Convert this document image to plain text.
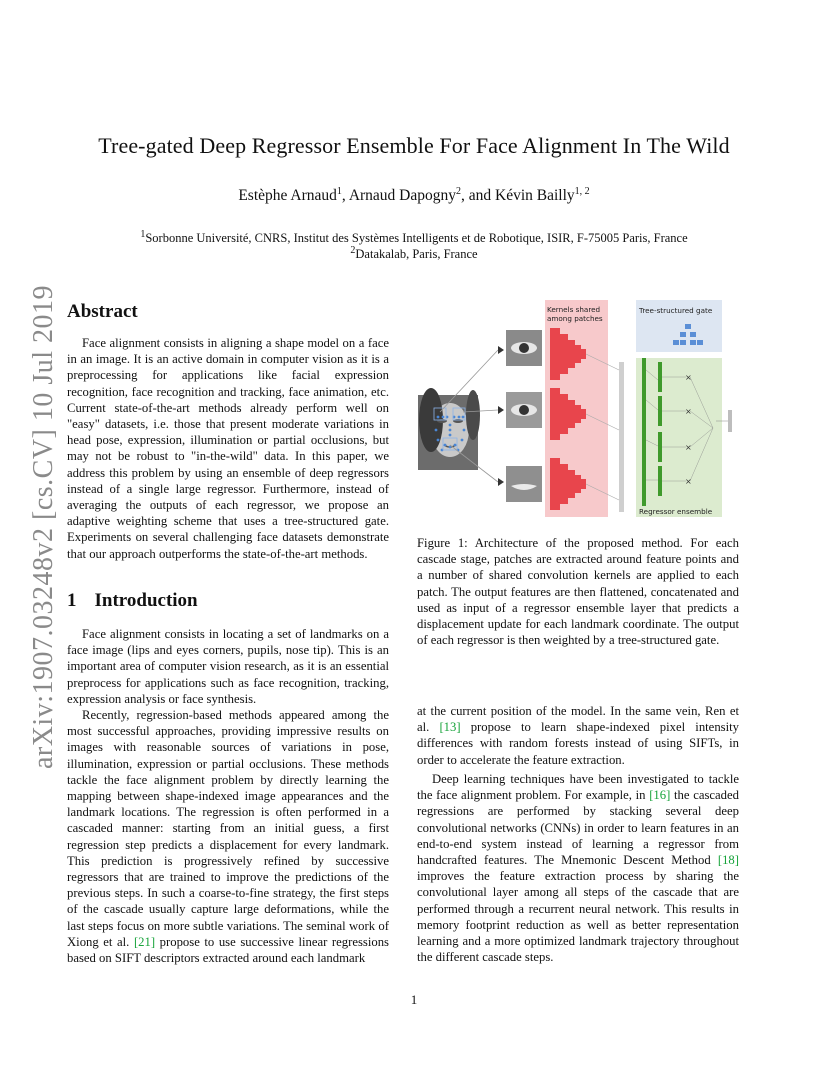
Tree-gated Deep Regressor Ensemble For Face Alignment In The Wild
Estèphe Arnaud$^1$, Arnaud Dapogny$^2$, and Kévin Bailly$^{1, 2}$
$^1$Sorbonne Université, CNRS, Institut des Systèmes Intelligents et de Robotique, ISIR, F-75005 Paris, France
$^2$Datakalab, Paris, France
arXiv:1907.03248v2 [cs.CV] 10 Jul 2019 Abstract
Face alignment consists in aligning a shape model on a face in an image. It is an active domain in computer vision as it is a preprocessing for applications like facial expression recognition, face recognition and tracking, face animation, etc. Current state-of-the-art methods already perform well on "easy" datasets, i.e. those that present moderate variations in head pose, expression, illumination or partial occlusions, but may not be robust to "in-the-wild" data. In this paper, we address this problem by using an ensemble of deep regressors instead of a single large regressor. Furthermore, instead of averaging the outputs of each regressor, we propose an adaptive weighting scheme that uses a tree-structured gate. Experiments on several challenging face datasets demonstrate that our approach outperforms the state-of-the-art methods.
1 Introduction
Face alignment consists in locating a set of landmarks on a face image (lips and eyes corners, pupils, nose tip). This is an important area of computer vision research, as it is an essential preprocess for applications such as face recognition, tracking, expression analysis or face synthesis.
Recently, regression-based methods appeared among the most successful approaches, providing impressive results on images with reasonable sources of variations in pose, illumination, expression or partial occlusions. These methods tackle the face alignment problem by directly learning the mapping between shape-indexed image appearances and the landmark locations. The regression is often performed in a cascaded manner: starting from an initial guess, a first regression step predicts a displacement for every landmark. This prediction is progressively refined by successive regressors that are trained to improve the predictions of the previous steps. In such a coarse-to-fine strategy, the first steps of the cascade usually capture large deformations, while the last steps focus on more subtle variations. The seminal work of Xiong et al. [21] propose to use successive linear regressions based on SIFT descriptors extracted around each landmark
Kernels shared
among patches
Tree-structured gate
Regressor ensemble
×
×
×
×
Figure 1: Architecture of the proposed method. For each cascade stage, patches are extracted around feature points and a number of shared convolution kernels are applied to each patch. The output features are then flattened, concatenated and used as input of a regressor ensemble layer that predicts a displacement update for each landmark coordinate. The output of each regressor is then weighted by a tree-structured gate.
at the current position of the model. In the same vein, Ren et al. [13] propose to learn shape-indexed pixel intensity differences with random forests instead of using SIFTs, in order to accelerate the feature extraction.
Deep learning techniques have been investigated to tackle the face alignment problem. For example, in [16] the cascaded regressions are performed by stacking several deep convolutional networks (CNNs) in order to learn features in an end-to-end system instead of learning a regressor from handcrafted features. The Mnemonic Descent Method [18] improves the feature extraction process by sharing the convolutional layer among all steps of the cascade that are performed through a recurrent neural network. This results in memory footprint reduction as well as better representation learning and a more optimized landmark trajectory throughout the different cascade steps.
1
